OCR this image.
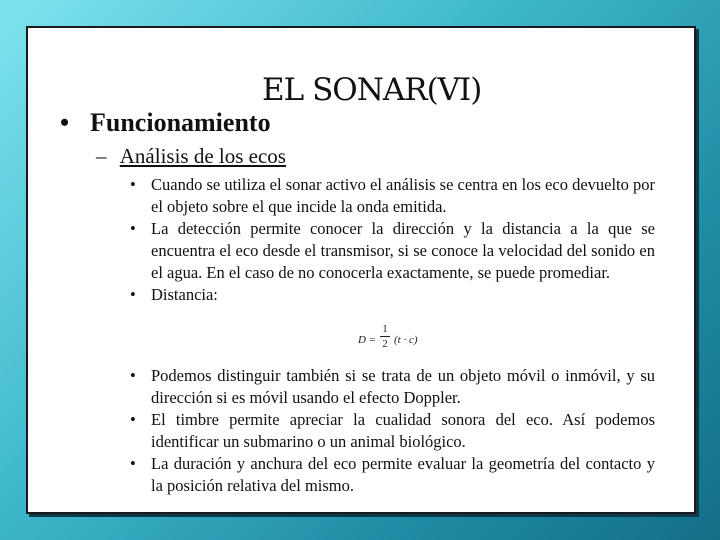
EL SONAR(VI)
• Funcionamiento
– Análisis de los ecos
• Cuando se utiliza el sonar activo el análisis se centra en los eco devuelto por el objeto sobre el que incide la onda emitida.
• La detección permite conocer la dirección y la distancia a la que se encuentra el eco desde el transmisor, si se conoce la velocidad del sonido en el agua. En el caso de no conocerla exactamente, se puede promediar.
• Distancia:
D =
1
2 (t · c)
• Podemos distinguir también si se trata de un objeto móvil o inmóvil, y su dirección si es móvil usando el efecto Doppler.
• El timbre permite apreciar la cualidad sonora del eco. Así podemos identificar un submarino o un animal biológico.
• La duración y anchura del eco permite evaluar la geometría del contacto y la posición relativa del mismo.
